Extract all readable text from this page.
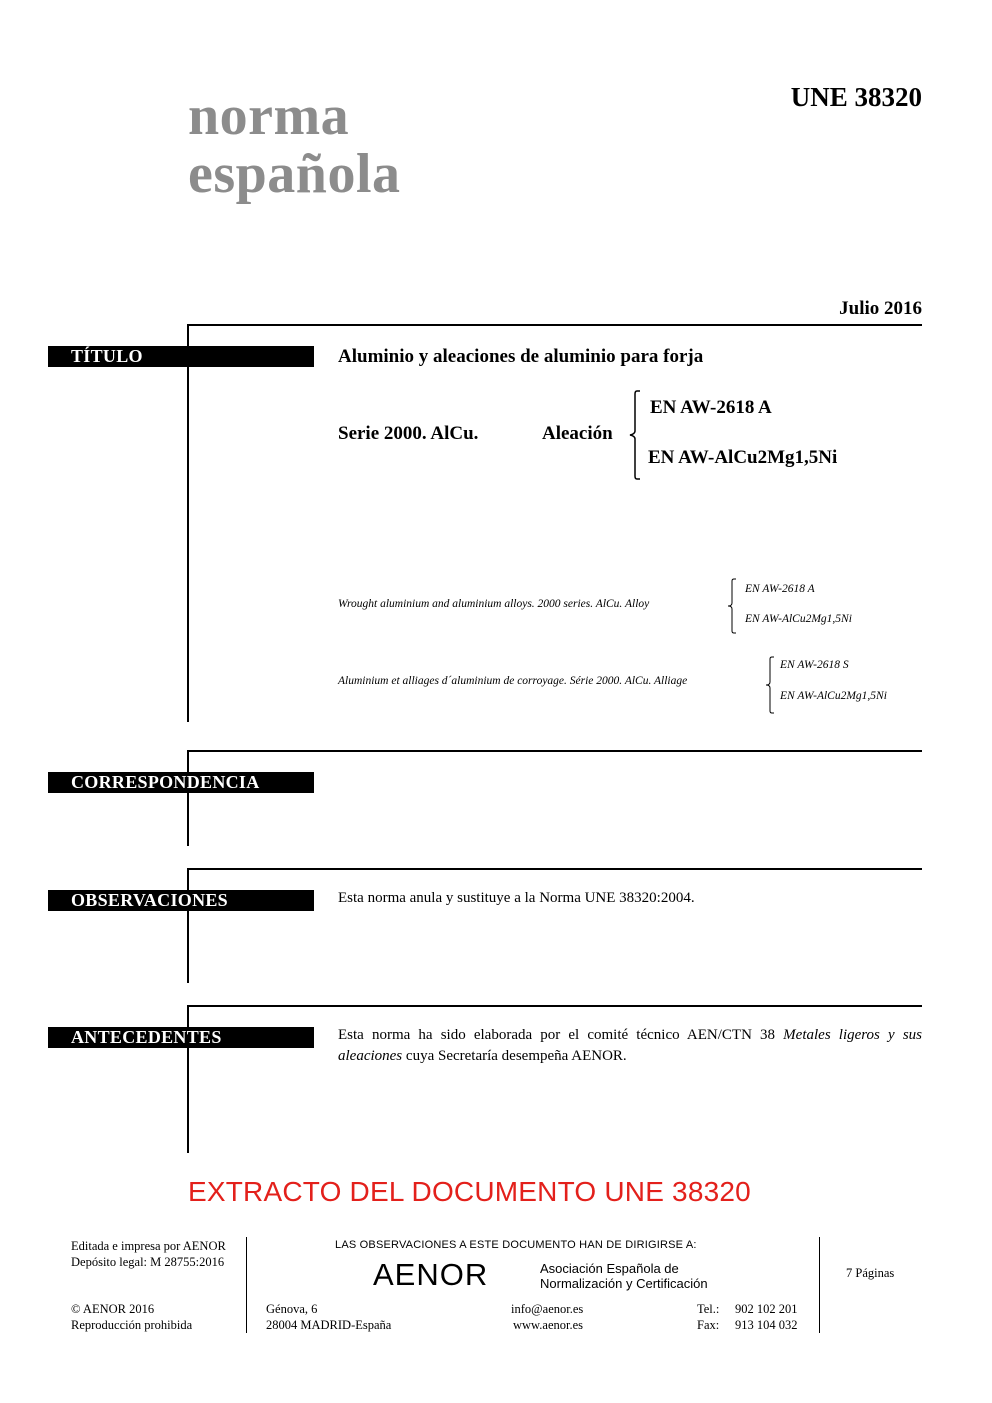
norma
española
UNE 38320
Julio 2016
TÍTULO	Aluminio y aleaciones de aluminio para forja
Serie 2000. AlCu.	Aleación
EN AW-2618 A
EN AW-AlCu2Mg1,5Ni
Wrought aluminium and aluminium alloys. 2000 series. AlCu. Alloy
EN AW-2618 A
EN AW-AlCu2Mg1,5Ni
Aluminium et alliages d´aluminium de corroyage. Série 2000. AlCu. Alliage
EN AW-2618 S
EN AW-AlCu2Mg1,5Ni
CORRESPONDENCIA
OBSERVACIONES	Esta norma anula y sustituye a la Norma UNE 38320:2004.
ANTECEDENTES	Esta norma ha sido elaborada por el comité técnico AEN/CTN 38 Metales ligeros y sus aleaciones cuya Secretaría desempeña AENOR.
EXTRACTO DEL DOCUMENTO UNE 38320
Editada e impresa por AENOR
Depósito legal: M 28755:2016
© AENOR 2016
Reproducción prohibida
LAS OBSERVACIONES A ESTE DOCUMENTO HAN DE DIRIGIRSE A:
AENOR	Asociación Española de
Normalización y Certificación
Génova, 6
28004 MADRID-España
info@aenor.es
www.aenor.es
Tel.: 902 102 201
Fax: 913 104 032
7 Páginas
